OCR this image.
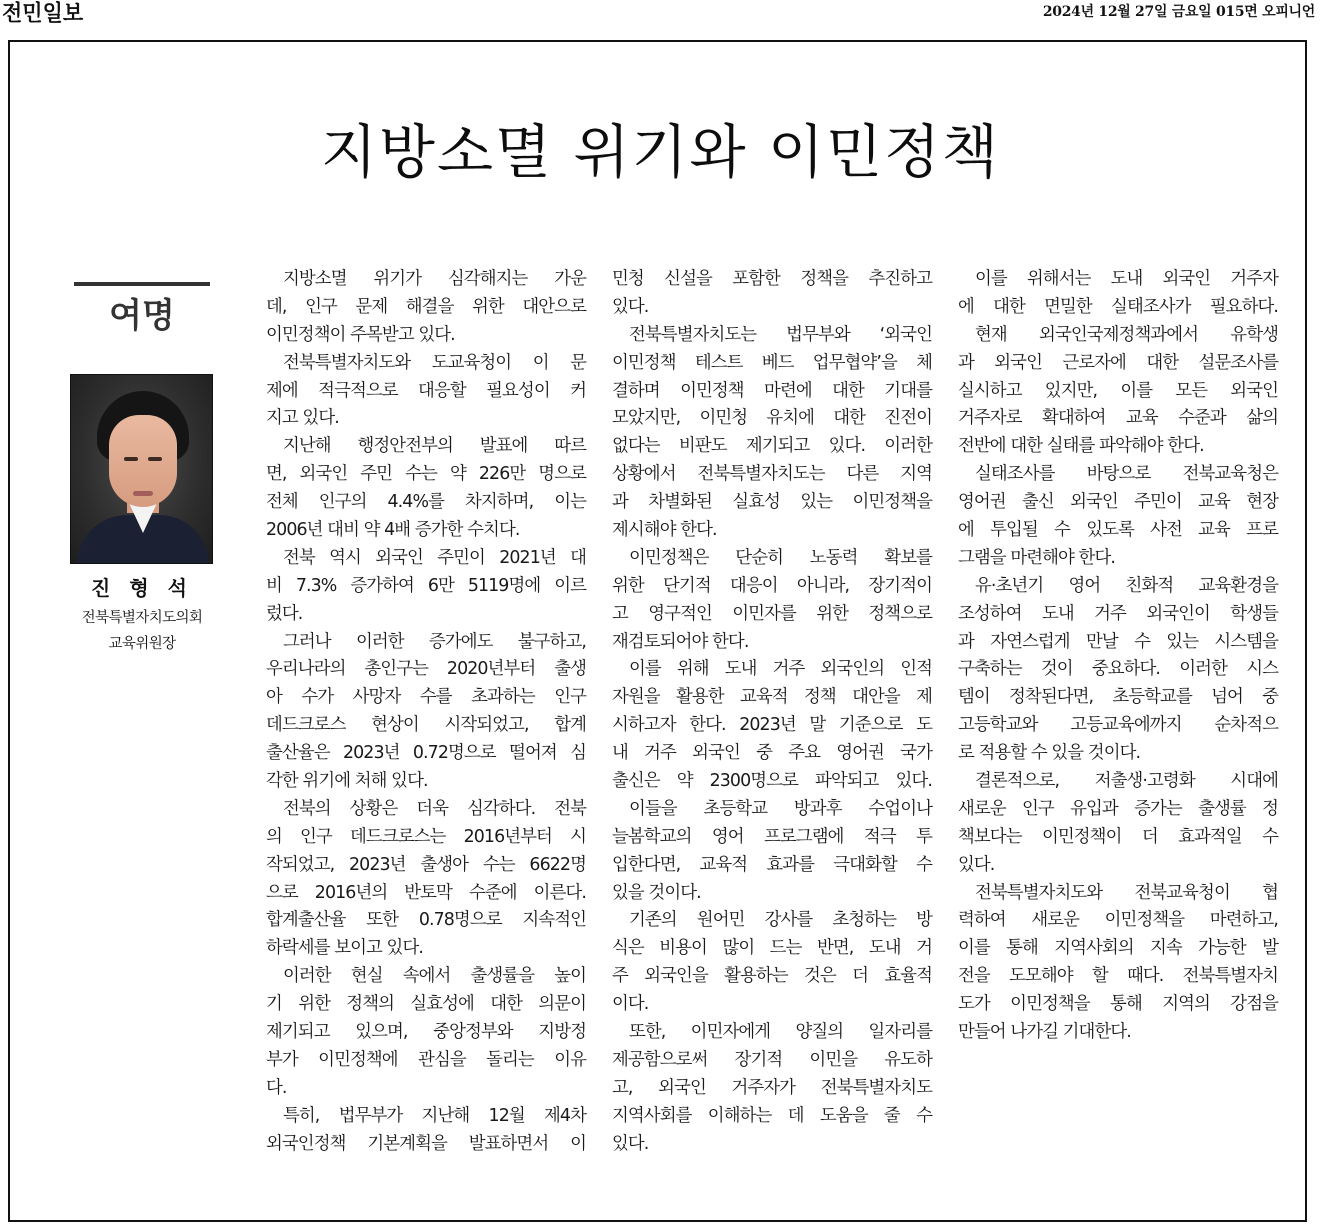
전민일보	2024년 12월 27일 금요일 015면 오피니언
지방소멸 위기와 이민정책
여명
진 형 석
전북특별자치도의회
교육위원장
지방소멸 위기가 심각해지는 가운
데, 인구 문제 해결을 위한 대안으로
이민정책이 주목받고 있다.
전북특별자치도와 도교육청이 이 문
제에 적극적으로 대응할 필요성이 커
지고 있다.
지난해 행정안전부의 발표에 따르
면, 외국인 주민 수는 약 226만 명으로
전체 인구의 4.4%를 차지하며, 이는
2006년 대비 약 4배 증가한 수치다.
전북 역시 외국인 주민이 2021년 대
비 7.3% 증가하여 6만 5119명에 이르
렀다.
그러나 이러한 증가에도 불구하고,
우리나라의 총인구는 2020년부터 출생
아 수가 사망자 수를 초과하는 인구
데드크로스 현상이 시작되었고, 합계
출산율은 2023년 0.72명으로 떨어져 심
각한 위기에 처해 있다.
전북의 상황은 더욱 심각하다. 전북
의 인구 데드크로스는 2016년부터 시
작되었고, 2023년 출생아 수는 6622명
으로 2016년의 반토막 수준에 이른다.
합계출산율 또한 0.78명으로 지속적인
하락세를 보이고 있다.
이러한 현실 속에서 출생률을 높이
기 위한 정책의 실효성에 대한 의문이
제기되고 있으며, 중앙정부와 지방정
부가 이민정책에 관심을 돌리는 이유
다.
특히, 법무부가 지난해 12월 제4차
외국인정책 기본계획을 발표하면서 이
민청 신설을 포함한 정책을 추진하고
있다.
전북특별자치도는 법무부와 ‘외국인
이민정책 테스트 베드 업무협약’을 체
결하며 이민정책 마련에 대한 기대를
모았지만, 이민청 유치에 대한 진전이
없다는 비판도 제기되고 있다. 이러한
상황에서 전북특별자치도는 다른 지역
과 차별화된 실효성 있는 이민정책을
제시해야 한다.
이민정책은 단순히 노동력 확보를
위한 단기적 대응이 아니라, 장기적이
고 영구적인 이민자를 위한 정책으로
재검토되어야 한다.
이를 위해 도내 거주 외국인의 인적
자원을 활용한 교육적 정책 대안을 제
시하고자 한다. 2023년 말 기준으로 도
내 거주 외국인 중 주요 영어권 국가
출신은 약 2300명으로 파악되고 있다.
이들을 초등학교 방과후 수업이나
늘봄학교의 영어 프로그램에 적극 투
입한다면, 교육적 효과를 극대화할 수
있을 것이다.
기존의 원어민 강사를 초청하는 방
식은 비용이 많이 드는 반면, 도내 거
주 외국인을 활용하는 것은 더 효율적
이다.
또한, 이민자에게 양질의 일자리를
제공함으로써 장기적 이민을 유도하
고, 외국인 거주자가 전북특별자치도
지역사회를 이해하는 데 도움을 줄 수
있다.
이를 위해서는 도내 외국인 거주자
에 대한 면밀한 실태조사가 필요하다.
현재 외국인국제정책과에서 유학생
과 외국인 근로자에 대한 설문조사를
실시하고 있지만, 이를 모든 외국인
거주자로 확대하여 교육 수준과 삶의
전반에 대한 실태를 파악해야 한다.
실태조사를 바탕으로 전북교육청은
영어권 출신 외국인 주민이 교육 현장
에 투입될 수 있도록 사전 교육 프로
그램을 마련해야 한다.
유·초년기 영어 친화적 교육환경을
조성하여 도내 거주 외국인이 학생들
과 자연스럽게 만날 수 있는 시스템을
구축하는 것이 중요하다. 이러한 시스
템이 정착된다면, 초등학교를 넘어 중
고등학교와 고등교육에까지 순차적으
로 적용할 수 있을 것이다.
결론적으로, 저출생·고령화 시대에
새로운 인구 유입과 증가는 출생률 정
책보다는 이민정책이 더 효과적일 수
있다.
전북특별자치도와 전북교육청이 협
력하여 새로운 이민정책을 마련하고,
이를 통해 지역사회의 지속 가능한 발
전을 도모해야 할 때다. 전북특별자치
도가 이민정책을 통해 지역의 강점을
만들어 나가길 기대한다.
